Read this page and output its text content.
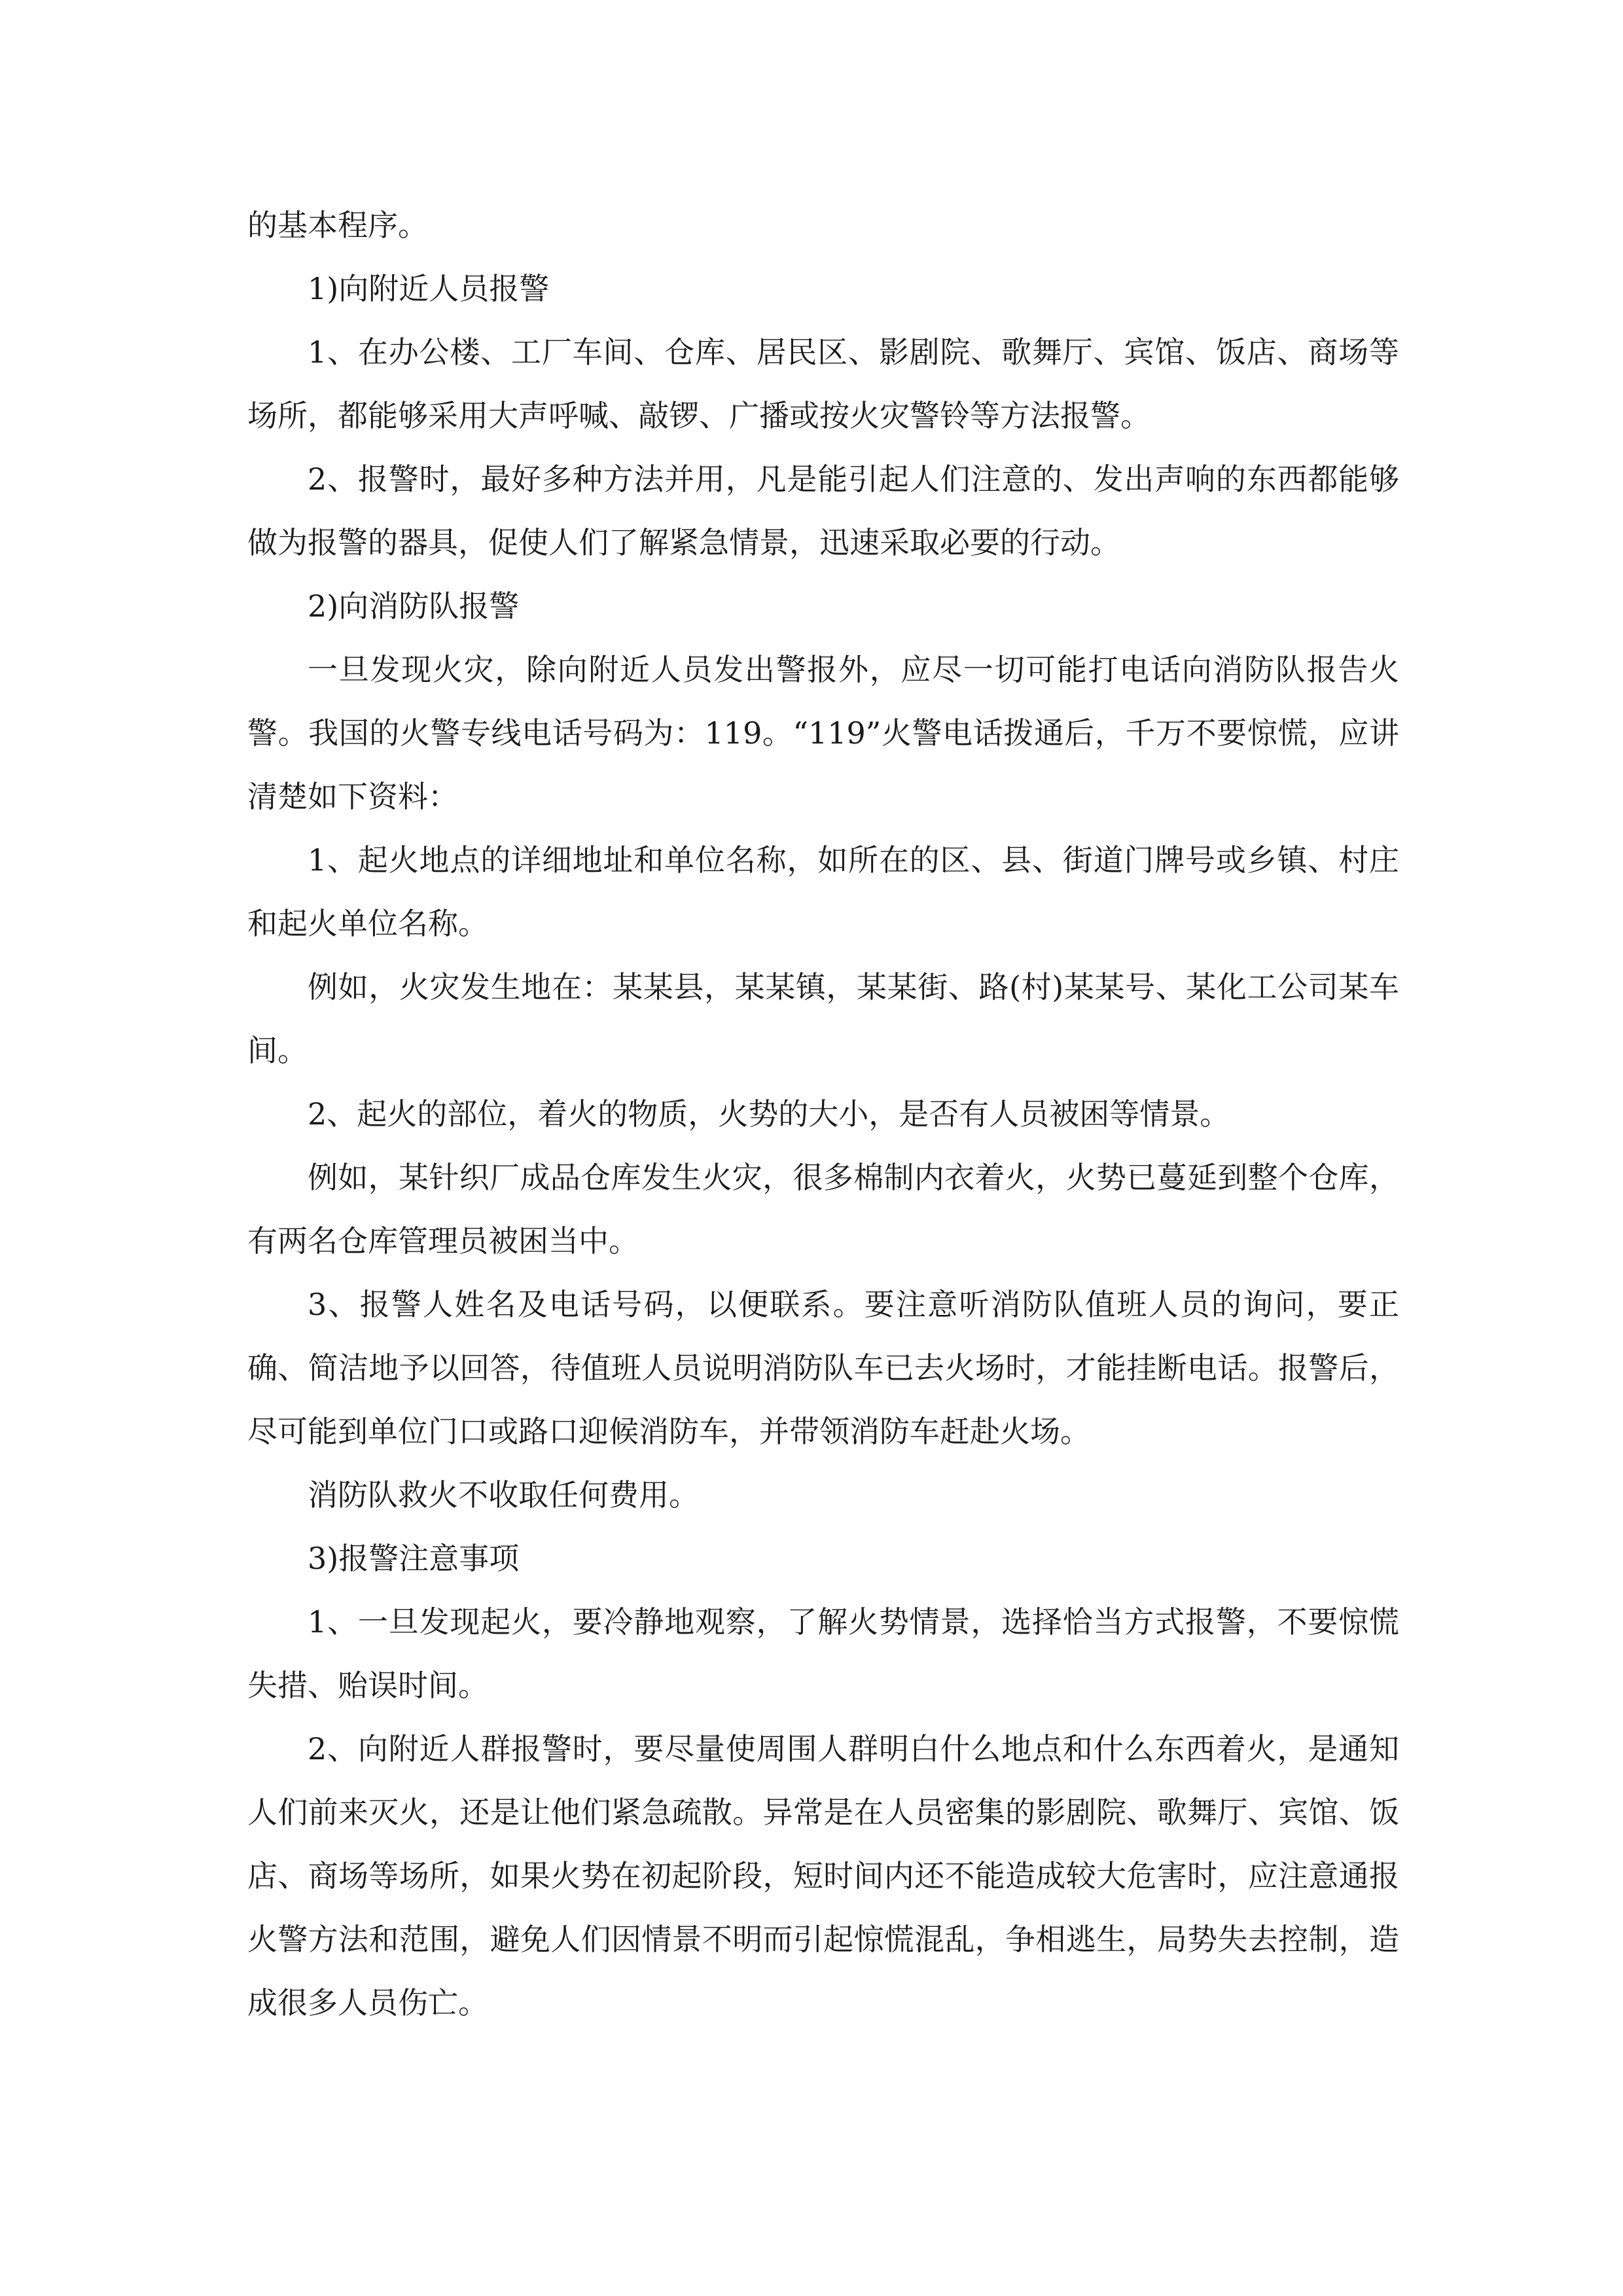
的基本程序。

1)向附近人员报警

1、在办公楼、工厂车间、仓库、居民区、影剧院、歌舞厅、宾馆、饭店、商场等场所，都能够采用大声呼喊、敲锣、广播或按火灾警铃等方法报警。

2、报警时，最好多种方法并用，凡是能引起人们注意的、发出声响的东西都能够做为报警的器具，促使人们了解紧急情景，迅速采取必要的行动。

2)向消防队报警

一旦发现火灾，除向附近人员发出警报外，应尽一切可能打电话向消防队报告火警。我国的火警专线电话号码为：119。“119”火警电话拨通后，千万不要惊慌，应讲清楚如下资料：

1、起火地点的详细地址和单位名称，如所在的区、县、街道门牌号或乡镇、村庄和起火单位名称。

例如，火灾发生地在：某某县，某某镇，某某街、路(村)某某号、某化工公司某车间。

2、起火的部位，着火的物质，火势的大小，是否有人员被困等情景。

例如，某针织厂成品仓库发生火灾，很多棉制内衣着火，火势已蔓延到整个仓库，有两名仓库管理员被困当中。

3、报警人姓名及电话号码，以便联系。要注意听消防队值班人员的询问，要正确、简洁地予以回答，待值班人员说明消防队车已去火场时，才能挂断电话。报警后，尽可能到单位门口或路口迎候消防车，并带领消防车赶赴火场。

消防队救火不收取任何费用。

3)报警注意事项

1、一旦发现起火，要冷静地观察，了解火势情景，选择恰当方式报警，不要惊慌失措、贻误时间。

2、向附近人群报警时，要尽量使周围人群明白什么地点和什么东西着火，是通知人们前来灭火，还是让他们紧急疏散。异常是在人员密集的影剧院、歌舞厅、宾馆、饭店、商场等场所，如果火势在初起阶段，短时间内还不能造成较大危害时，应注意通报火警方法和范围，避免人们因情景不明而引起惊慌混乱，争相逃生，局势失去控制，造成很多人员伤亡。
